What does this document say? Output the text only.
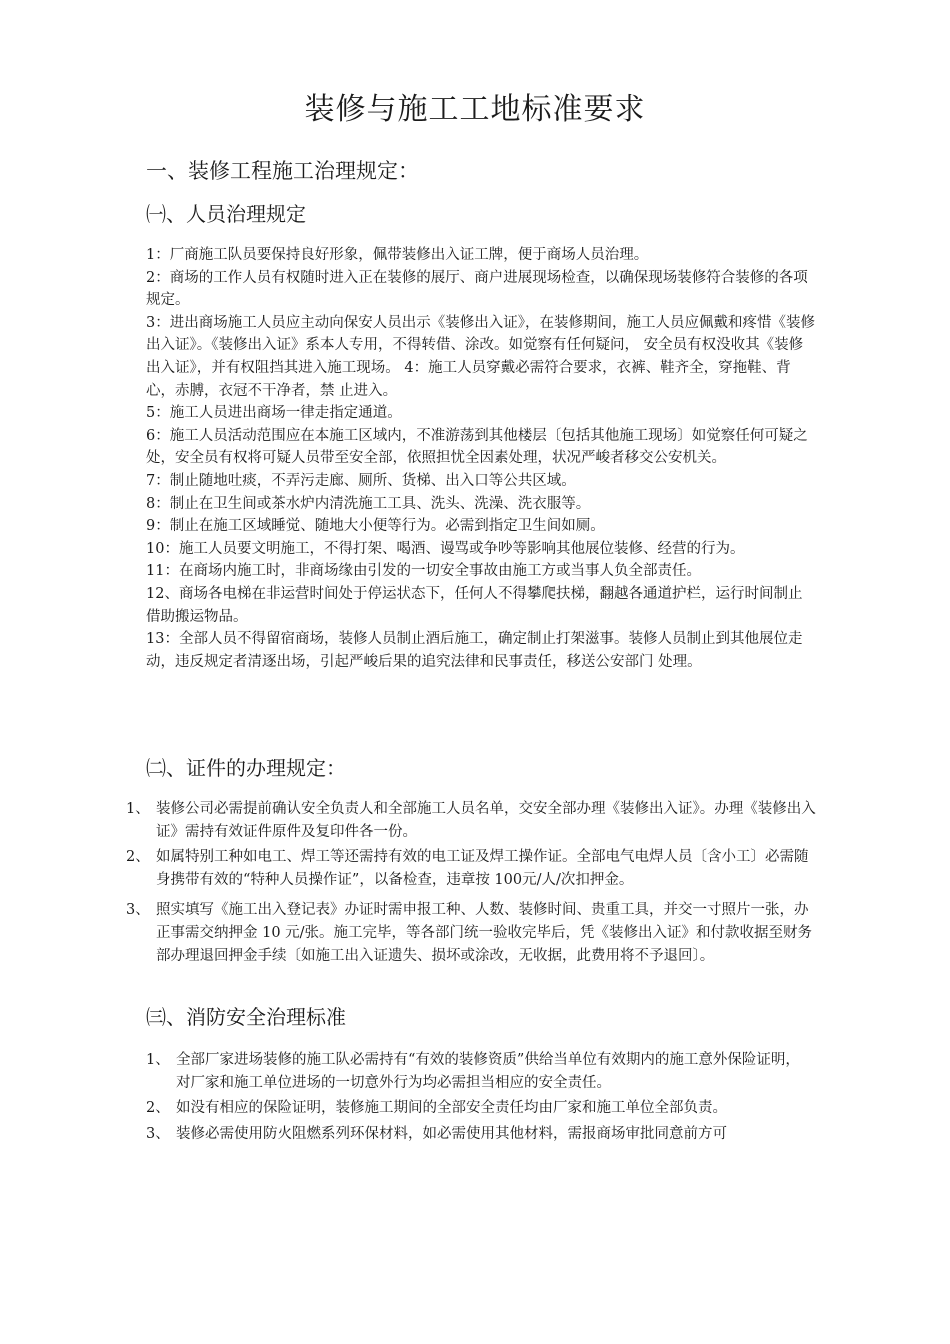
装修与施工工地标准要求
一、装修工程施工治理规定：
㈠、人员治理规定

1：厂商施工队员要保持良好形象，佩带装修出入证工牌，便于商场人员治理。

2：商场的工作人员有权随时进入正在装修的展厅、商户进展现场检查，以确保现场装修符合装修的各项规定。

3：进出商场施工人员应主动向保安人员出示《装修出入证》，在装修期间，施工人员应佩戴和疼惜《装修出入证》。《装修出入证》系本人专用，不得转借、涂改。如觉察有任何疑问， 安全员有权没收其《装修出入证》，并有权阻挡其进入施工现场。 4：施工人员穿戴必需符合要求，衣裤、鞋齐全，穿拖鞋、背心，赤膊，衣冠不干净者，禁 止进入。

5：施工人员进出商场一律走指定通道。

6：施工人员活动范围应在本施工区域内，不准游荡到其他楼层〔包括其他施工现场〕如觉察任何可疑之处，安全员有权将可疑人员带至安全部，依照担忧全因素处理，状况严峻者移交公安机关。

7：制止随地吐痰，不弄污走廊、厕所、货梯、出入口等公共区域。

8：制止在卫生间或茶水炉内清洗施工工具、洗头、洗澡、洗衣服等。

9：制止在施工区域睡觉、随地大小便等行为。必需到指定卫生间如厕。

10：施工人员要文明施工，不得打架、喝酒、谩骂或争吵等影响其他展位装修、经营的行为。

11：在商场内施工时，非商场缘由引发的一切安全事故由施工方或当事人负全部责任。

12、商场各电梯在非运营时间处于停运状态下，任何人不得攀爬扶梯，翻越各通道护栏，运行时间制止借助搬运物品。

13：全部人员不得留宿商场，装修人员制止酒后施工，确定制止打架滋事。装修人员制止到其他展位走动，违反规定者清逐出场，引起严峻后果的追究法律和民事责任，移送公安部门 处理。

㈡、证件的办理规定：
1、 装修公司必需提前确认安全负责人和全部施工人员名单，交安全部办理《装修出入证》。办理《装修出入证》需持有效证件原件及复印件各一份。
2、 如属特别工种如电工、焊工等还需持有效的电工证及焊工操作证。全部电气电焊人员〔含小工〕必需随身携带有效的“特种人员操作证”，以备检查，违章按 100元/人/次扣押金。
3、 照实填写《施工出入登记表》办证时需申报工种、人数、装修时间、贵重工具，并交一寸照片一张，办正事需交纳押金 10 元/张。施工完毕，等各部门统一验收完毕后，凭《装修出入证》和付款收据至财务部办理退回押金手续〔如施工出入证遗失、损坏或涂改，无收据，此费用将不予退回〕。
㈢、消防安全治理标准
1、 全部厂家进场装修的施工队必需持有“有效的装修资质”供给当单位有效期内的施工意外保险证明，对厂家和施工单位进场的一切意外行为均必需担当相应的安全责任。
2、 如没有相应的保险证明，装修施工期间的全部安全责任均由厂家和施工单位全部负责。
3、 装修必需使用防火阻燃系列环保材料，如必需使用其他材料，需报商场审批同意前方可
